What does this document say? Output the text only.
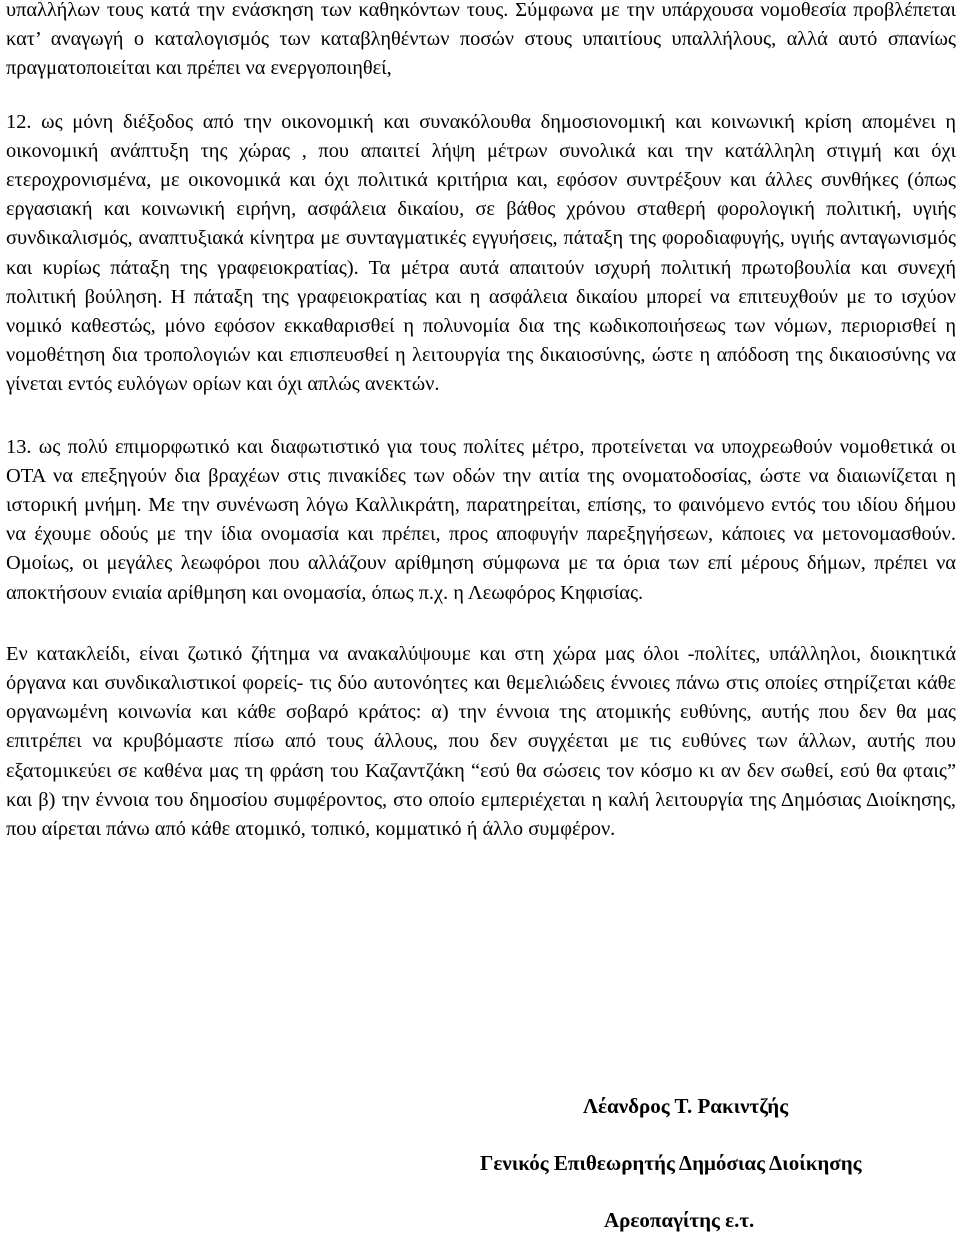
υπαλλήλων τους κατά την ενάσκηση των καθηκόντων τους. Σύμφωνα με την υπάρχουσα νομοθεσία προβλέπεται κατ’ αναγωγή ο καταλογισμός των καταβληθέντων ποσών στους υπαιτίους υπαλλήλους, αλλά αυτό σπανίως πραγματοποιείται και πρέπει να ενεργοποιηθεί,

12. ως μόνη διέξοδος από την οικονομική και συνακόλουθα δημοσιονομική και κοινωνική κρίση απομένει η οικονομική ανάπτυξη της χώρας , που απαιτεί λήψη μέτρων συνολικά και την κατάλληλη στιγμή και όχι ετεροχρονισμένα, με οικονομικά και όχι πολιτικά κριτήρια και, εφόσον συντρέξουν και άλλες συνθήκες (όπως εργασιακή και κοινωνική ειρήνη, ασφάλεια δικαίου, σε βάθος χρόνου σταθερή φορολογική πολιτική, υγιής συνδικαλισμός, αναπτυξιακά κίνητρα με συνταγματικές εγγυήσεις, πάταξη της φοροδιαφυγής, υγιής ανταγωνισμός και κυρίως πάταξη της γραφειοκρατίας). Τα μέτρα αυτά απαιτούν ισχυρή πολιτική πρωτοβουλία και συνεχή πολιτική βούληση. Η πάταξη της γραφειοκρατίας και η ασφάλεια δικαίου μπορεί να επιτευχθούν με το ισχύον νομικό καθεστώς, μόνο εφόσον εκκαθαρισθεί η πολυνομία δια της κωδικοποιήσεως των νόμων, περιορισθεί η νομοθέτηση δια τροπολογιών και επισπευσθεί η λειτουργία της δικαιοσύνης, ώστε η απόδοση της δικαιοσύνης να γίνεται εντός ευλόγων ορίων και όχι απλώς ανεκτών.

13. ως πολύ επιμορφωτικό και διαφωτιστικό για τους πολίτες μέτρο, προτείνεται να υποχρεωθούν νομοθετικά οι ΟΤΑ να επεξηγούν δια βραχέων στις πινακίδες των οδών την αιτία της ονοματοδοσίας, ώστε να διαιωνίζεται η ιστορική μνήμη. Με την συνένωση λόγω Καλλικράτη, παρατηρείται, επίσης, το φαινόμενο εντός του ιδίου δήμου να έχουμε οδούς με την ίδια ονομασία και πρέπει, προς αποφυγήν παρεξηγήσεων, κάποιες να μετονομασθούν. Ομοίως, οι μεγάλες λεωφόροι που αλλάζουν αρίθμηση σύμφωνα με τα όρια των επί μέρους δήμων, πρέπει να αποκτήσουν ενιαία αρίθμηση και ονομασία, όπως π.χ. η Λεωφόρος Κηφισίας.

Εν κατακλείδι, είναι ζωτικό ζήτημα να ανακαλύψουμε και στη χώρα μας όλοι -πολίτες, υπάλληλοι, διοικητικά όργανα και συνδικαλιστικοί φορείς- τις δύο αυτονόητες και θεμελιώδεις έννοιες πάνω στις οποίες στηρίζεται κάθε οργανωμένη κοινωνία και κάθε σοβαρό κράτος: α) την έννοια της ατομικής ευθύνης, αυτής που δεν θα μας επιτρέπει να κρυβόμαστε πίσω από τους άλλους, που δεν συγχέεται με τις ευθύνες των άλλων, αυτής που εξατομικεύει σε καθένα μας τη φράση του Καζαντζάκη “εσύ θα σώσεις τον κόσμο κι αν δεν σωθεί, εσύ θα φταις” και β) την έννοια του δημοσίου συμφέροντος, στο οποίο εμπεριέχεται η καλή λειτουργία της Δημόσιας Διοίκησης, που αίρεται πάνω από κάθε ατομικό, τοπικό, κομματικό ή άλλο συμφέρον.

Λέανδρος Τ. Ρακιντζής

Γενικός Επιθεωρητής Δημόσιας Διοίκησης

Αρεοπαγίτης ε.τ.
